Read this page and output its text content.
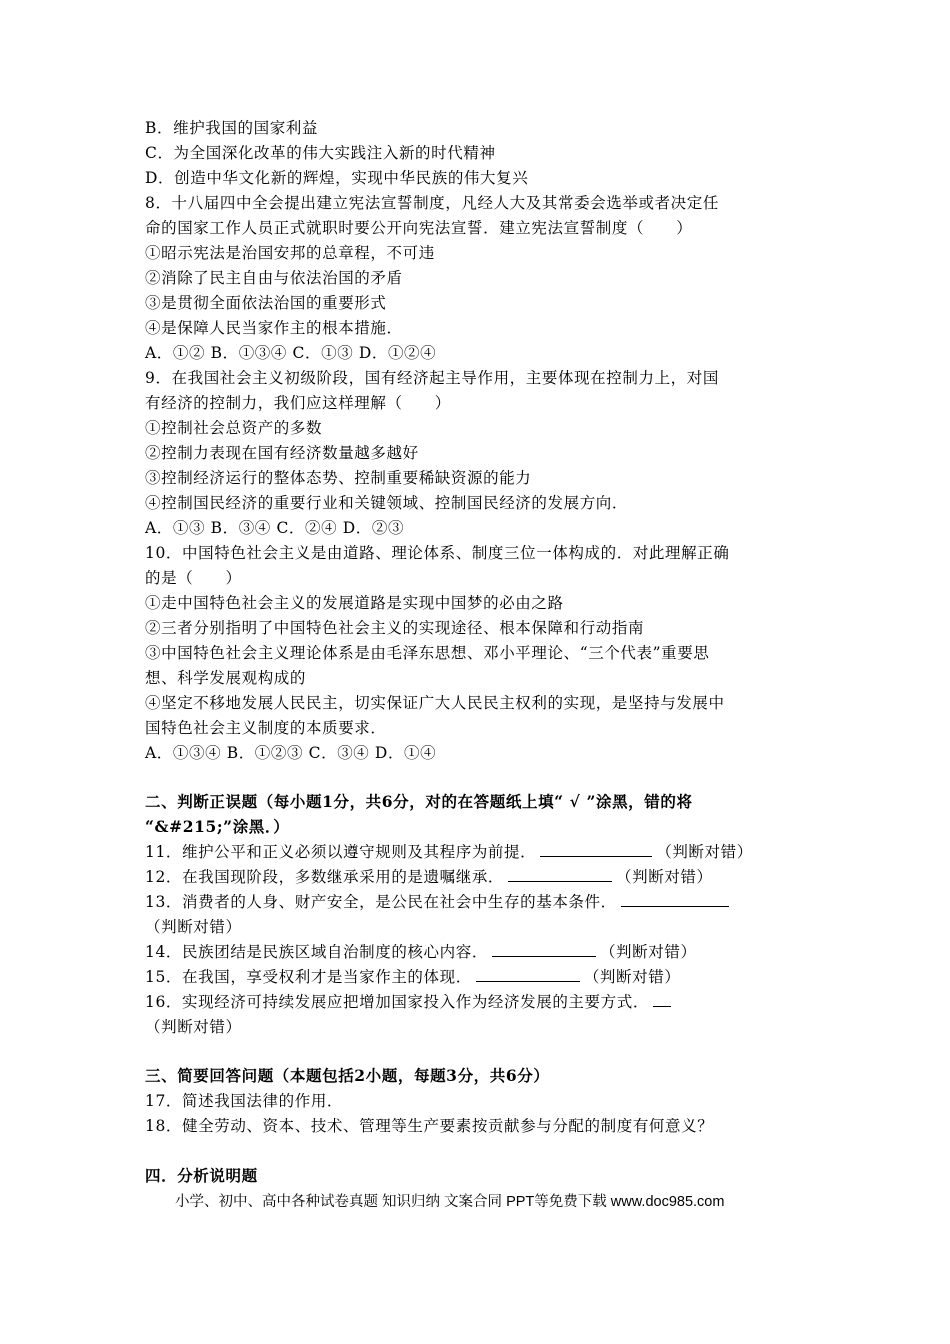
B．维护我国的国家利益
C．为全国深化改革的伟大实践注入新的时代精神
D．创造中华文化新的辉煌，实现中华民族的伟大复兴
8．十八届四中全会提出建立宪法宣誓制度，凡经人大及其常委会选举或者决定任
命的国家工作人员正式就职时要公开向宪法宣誓．建立宪法宣誓制度（　　）
①昭示宪法是治国安邦的总章程，不可违
②消除了民主自由与依法治国的矛盾
③是贯彻全面依法治国的重要形式
④是保障人民当家作主的根本措施．
A．①② B．①③④ C．①③ D．①②④
9．在我国社会主义初级阶段，国有经济起主导作用，主要体现在控制力上，对国
有经济的控制力，我们应这样理解（　　）
①控制社会总资产的多数
②控制力表现在国有经济数量越多越好
③控制经济运行的整体态势、控制重要稀缺资源的能力
④控制国民经济的重要行业和关键领域、控制国民经济的发展方向．
A．①③ B．③④ C．②④ D．②③
10．中国特色社会主义是由道路、理论体系、制度三位一体构成的．对此理解正确
的是（　　）
①走中国特色社会主义的发展道路是实现中国梦的必由之路
②三者分别指明了中国特色社会主义的实现途径、根本保障和行动指南
③中国特色社会主义理论体系是由毛泽东思想、邓小平理论、“三个代表”重要思
想、科学发展观构成的
④坚定不移地发展人民民主，切实保证广大人民民主权利的实现，是坚持与发展中
国特色社会主义制度的本质要求．
A．①③④ B．①②③ C．③④ D．①④
二、判断正误题（每小题1分，共6分，对的在答题纸上填“ √ ”涂黑，错的将
“&#215;”涂黑．）
11．维护公平和正义必须以遵守规则及其程序为前提．	（判断对错）
12．在我国现阶段，多数继承采用的是遗嘱继承．	（判断对错）
13．消费者的人身、财产安全，是公民在社会中生存的基本条件．
（判断对错）
14．民族团结是民族区域自治制度的核心内容．	（判断对错）
15．在我国，享受权利才是当家作主的体现．	（判断对错）
16．实现经济可持续发展应把增加国家投入作为经济发展的主要方式．
（判断对错）
三、简要回答问题（本题包括2小题，每题3分，共6分）
17．简述我国法律的作用．
18．健全劳动、资本、技术、管理等生产要素按贡献参与分配的制度有何意义？
四．分析说明题
小学、初中、高中各种试卷真题 知识归纳 文案合同 PPT等免费下载 www.doc985.com
